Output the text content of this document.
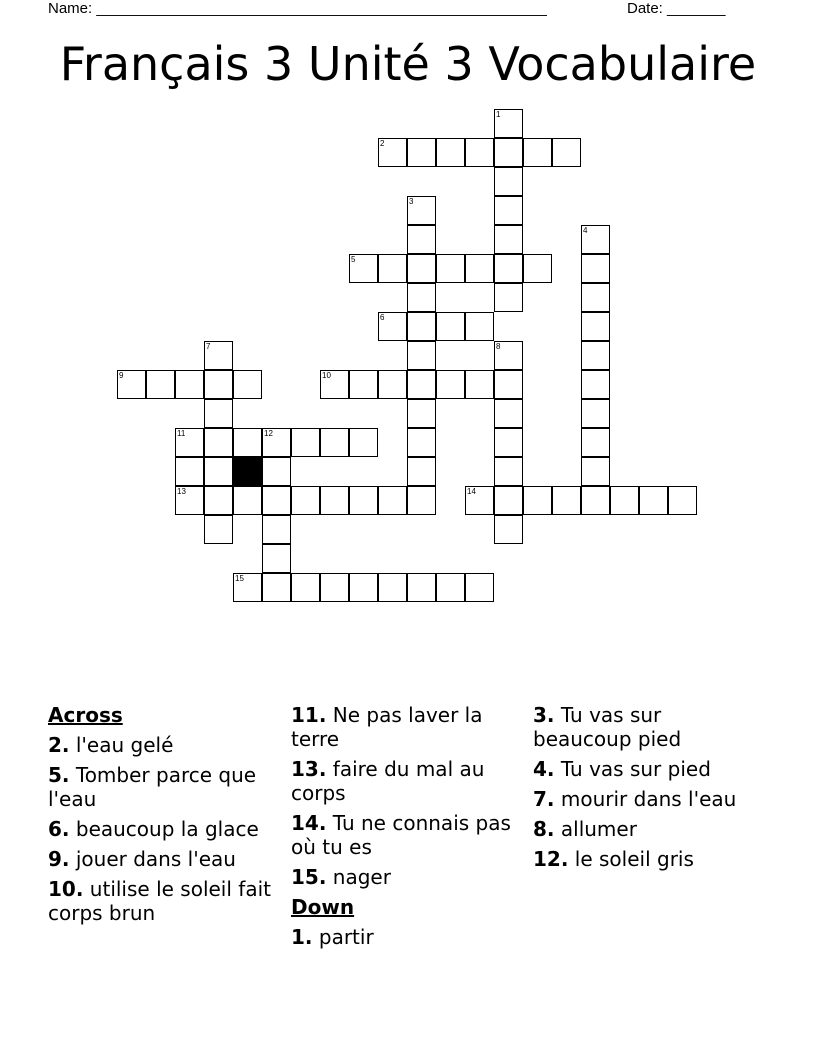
Name: ______________________________________________________	Date: _______
Français 3 Unité 3 Vocabulaire
1
2
3
4
5
6
7	8
9	10
11	12
13	14
15
Across
2. l'eau gelé
5. Tomber parce que l'eau
6. beaucoup la glace
9. jouer dans l'eau
10. utilise le soleil fait corps brun
11. Ne pas laver la terre
13. faire du mal au corps
14. Tu ne connais pas où tu es
15. nager
Down
1. partir
3. Tu vas sur beaucoup pied
4. Tu vas sur pied
7. mourir dans l'eau
8. allumer
12. le soleil gris
